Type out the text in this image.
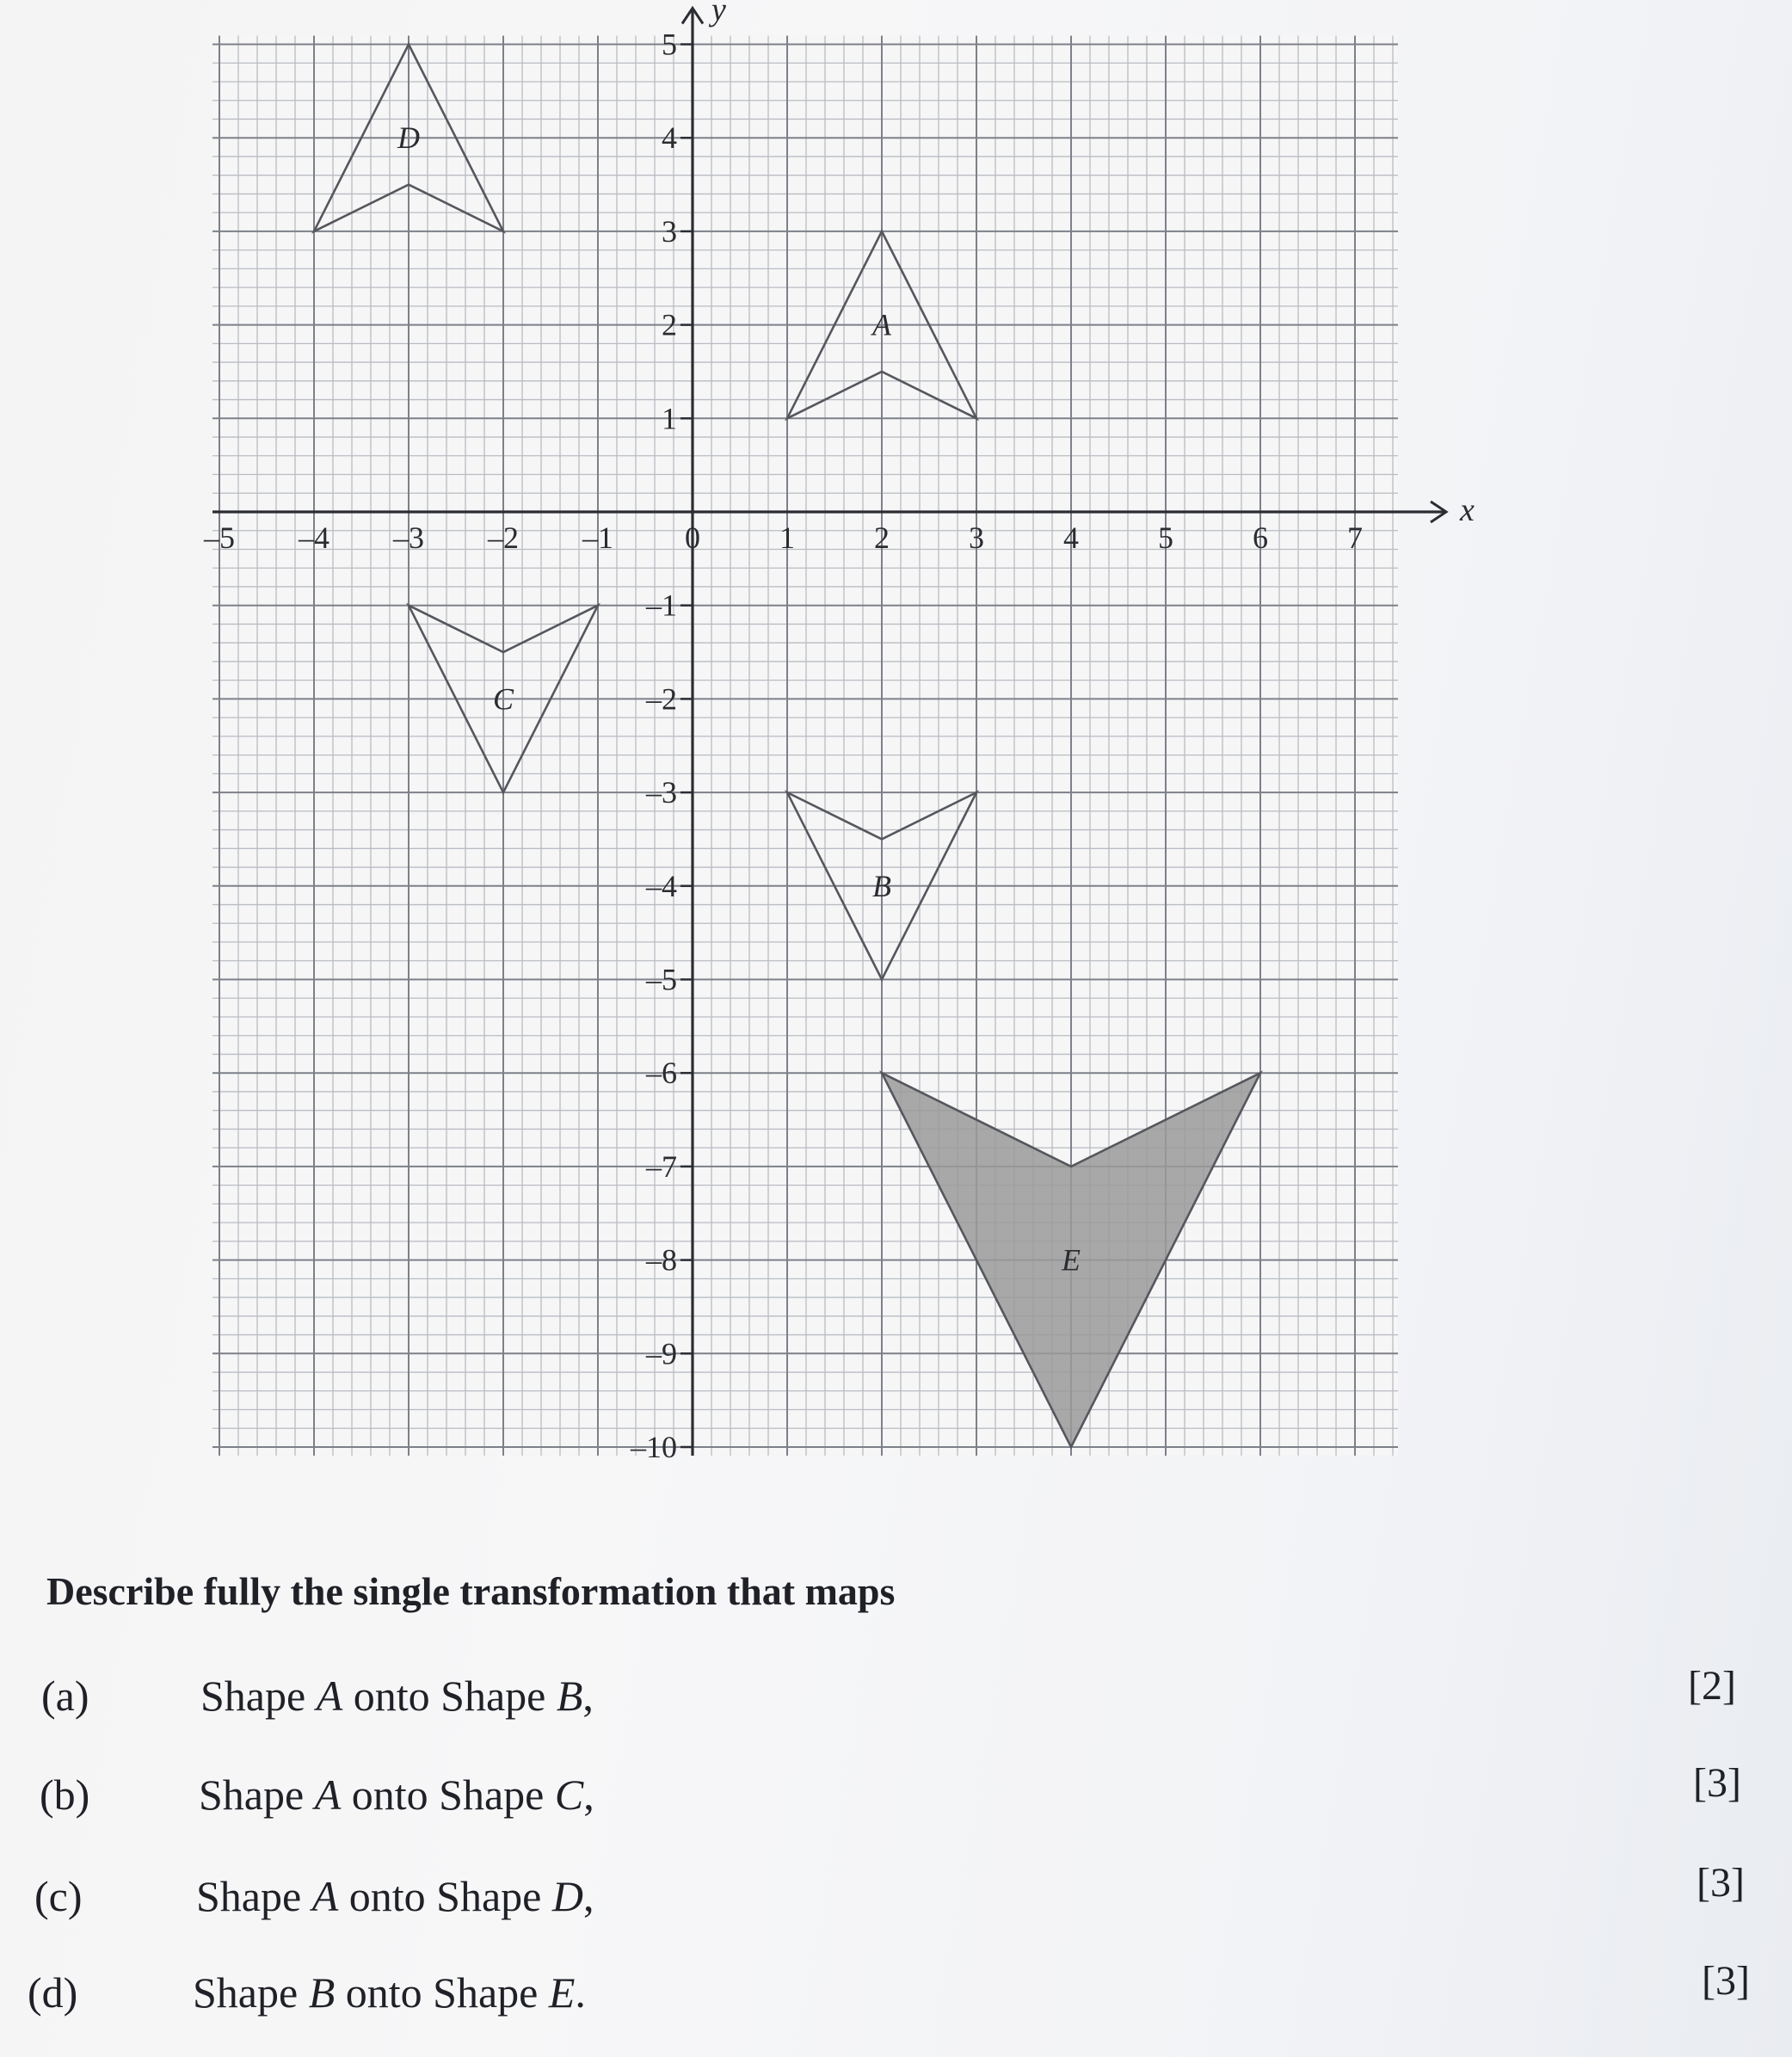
A
B
C
D
E
x
y
–5 –4 –3 –2 –1 0	1	2	3	4	5	6	7
5
4
3
2
1
–1
–2
–3
–4
–5
–6
–7
–8
–9
–10
Describe fully the single transformation that maps
(a)	Shape A onto Shape B,	[2]
(b)	Shape A onto Shape C,	[3]
(c)	Shape A onto Shape D,	[3]
(d)	Shape B onto Shape E.	[3]
